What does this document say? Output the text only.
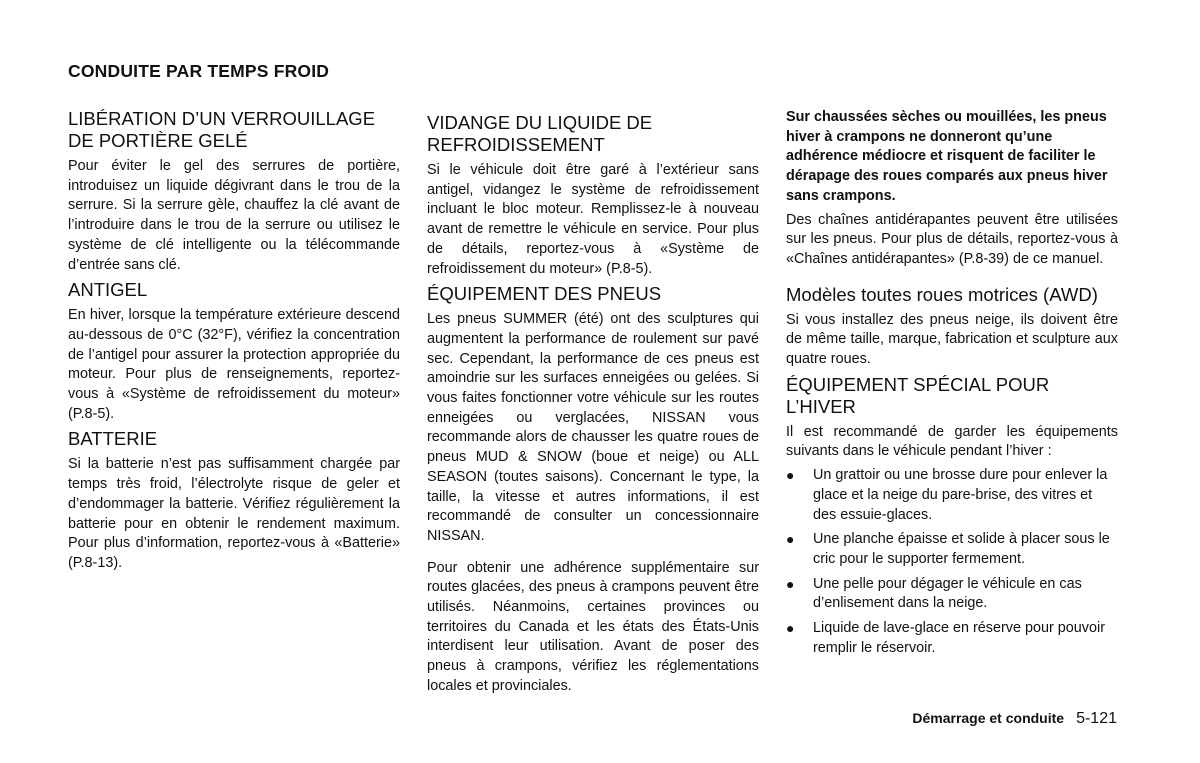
CONDUITE PAR TEMPS FROID
LIBÉRATION D’UN VERROUILLAGE DE PORTIÈRE GELÉ

Pour éviter le gel des serrures de portière, introduisez un liquide dégivrant dans le trou de la serrure. Si la serrure gèle, chauffez la clé avant de l’introduire dans le trou de la serrure ou utilisez le système de clé intelligente ou la télécommande d’entrée sans clé.

ANTIGEL

En hiver, lorsque la température extérieure descend au-dessous de 0°C (32°F), vérifiez la concentration de l’antigel pour assurer la protection appropriée du moteur. Pour plus de renseignements, reportez-vous à «Système de refroidissement du moteur» (P.8-5).

BATTERIE

Si la batterie n’est pas suffisamment chargée par temps très froid, l’électrolyte risque de geler et d’endommager la batterie. Vérifiez régulièrement la batterie pour en obtenir le rendement maximum. Pour plus d’information, reportez-vous à «Batterie» (P.8-13).

VIDANGE DU LIQUIDE DE REFROIDISSEMENT

Si le véhicule doit être garé à l’extérieur sans antigel, vidangez le système de refroidissement incluant le bloc moteur. Remplissez-le à nouveau avant de remettre le véhicule en service. Pour plus de détails, reportez-vous à «Système de refroidissement du moteur» (P.8-5).

ÉQUIPEMENT DES PNEUS

Les pneus SUMMER (été) ont des sculptures qui augmentent la performance de roulement sur pavé sec. Cependant, la performance de ces pneus est amoindrie sur les surfaces enneigées ou gelées. Si vous faites fonctionner votre véhicule sur les routes enneigées ou verglacées, NISSAN vous recommande alors de chausser les quatre roues de pneus MUD & SNOW (boue et neige) ou ALL SEASON (toutes saisons). Concernant le type, la taille, la vitesse et autres informations, il est recommandé de consulter un concessionnaire NISSAN.

Pour obtenir une adhérence supplémentaire sur routes glacées, des pneus à crampons peuvent être utilisés. Néanmoins, certaines provinces ou territoires du Canada et les états des États-Unis interdisent leur utilisation. Avant de poser des pneus à crampons, vérifiez les réglementations locales et provinciales.

Sur chaussées sèches ou mouillées, les pneus hiver à crampons ne donneront qu’une adhérence médiocre et risquent de faciliter le dérapage des roues comparés aux pneus hiver sans crampons.

Des chaînes antidérapantes peuvent être utilisées sur les pneus. Pour plus de détails, reportez-vous à «Chaînes antidérapantes» (P.8-39) de ce manuel.

Modèles toutes roues motrices (AWD)

Si vous installez des pneus neige, ils doivent être de même taille, marque, fabrication et sculpture aux quatre roues.

ÉQUIPEMENT SPÉCIAL POUR L’HIVER

Il est recommandé de garder les équipements suivants dans le véhicule pendant l’hiver :

● Un grattoir ou une brosse dure pour enlever la glace et la neige du pare-brise, des vitres et des essuie-glaces.
● Une planche épaisse et solide à placer sous le cric pour le supporter fermement.
● Une pelle pour dégager le véhicule en cas d’enlisement dans la neige.
● Liquide de lave-glace en réserve pour pouvoir remplir le réservoir.
Démarrage et conduite 5-121
